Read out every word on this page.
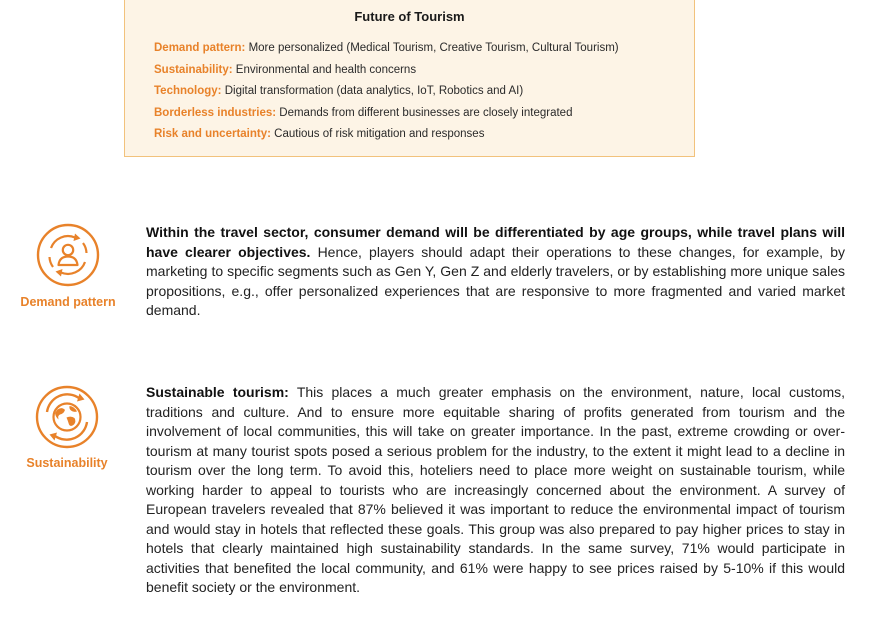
Future of Tourism
Demand pattern: More personalized (Medical Tourism, Creative Tourism, Cultural Tourism)
Sustainability: Environmental and health concerns
Technology: Digital transformation (data analytics, IoT, Robotics and AI)
Borderless industries: Demands from different businesses are closely integrated
Risk and uncertainty: Cautious of risk mitigation and responses
Demand pattern

Within the travel sector, consumer demand will be differentiated by age groups, while travel plans will have clearer objectives. Hence, players should adapt their operations to these changes, for example, by marketing to specific segments such as Gen Y, Gen Z and elderly travelers, or by establishing more unique sales propositions, e.g., offer personalized experiences that are responsive to more fragmented and varied market demand.

Sustainability

Sustainable tourism: This places a much greater emphasis on the environment, nature, local customs, traditions and culture. And to ensure more equitable sharing of profits generated from tourism and the involvement of local communities, this will take on greater importance. In the past, extreme crowding or over-tourism at many tourist spots posed a serious problem for the industry, to the extent it might lead to a decline in tourism over the long term. To avoid this, hoteliers need to place more weight on sustainable tourism, while working harder to appeal to tourists who are increasingly concerned about the environment. A survey of European travelers revealed that 87% believed it was important to reduce the environmental impact of tourism and would stay in hotels that reflected these goals. This group was also prepared to pay higher prices to stay in hotels that clearly maintained high sustainability standards. In the same survey, 71% would participate in activities that benefited the local community, and 61% were happy to see prices raised by 5-10% if this would benefit society or the environment.
